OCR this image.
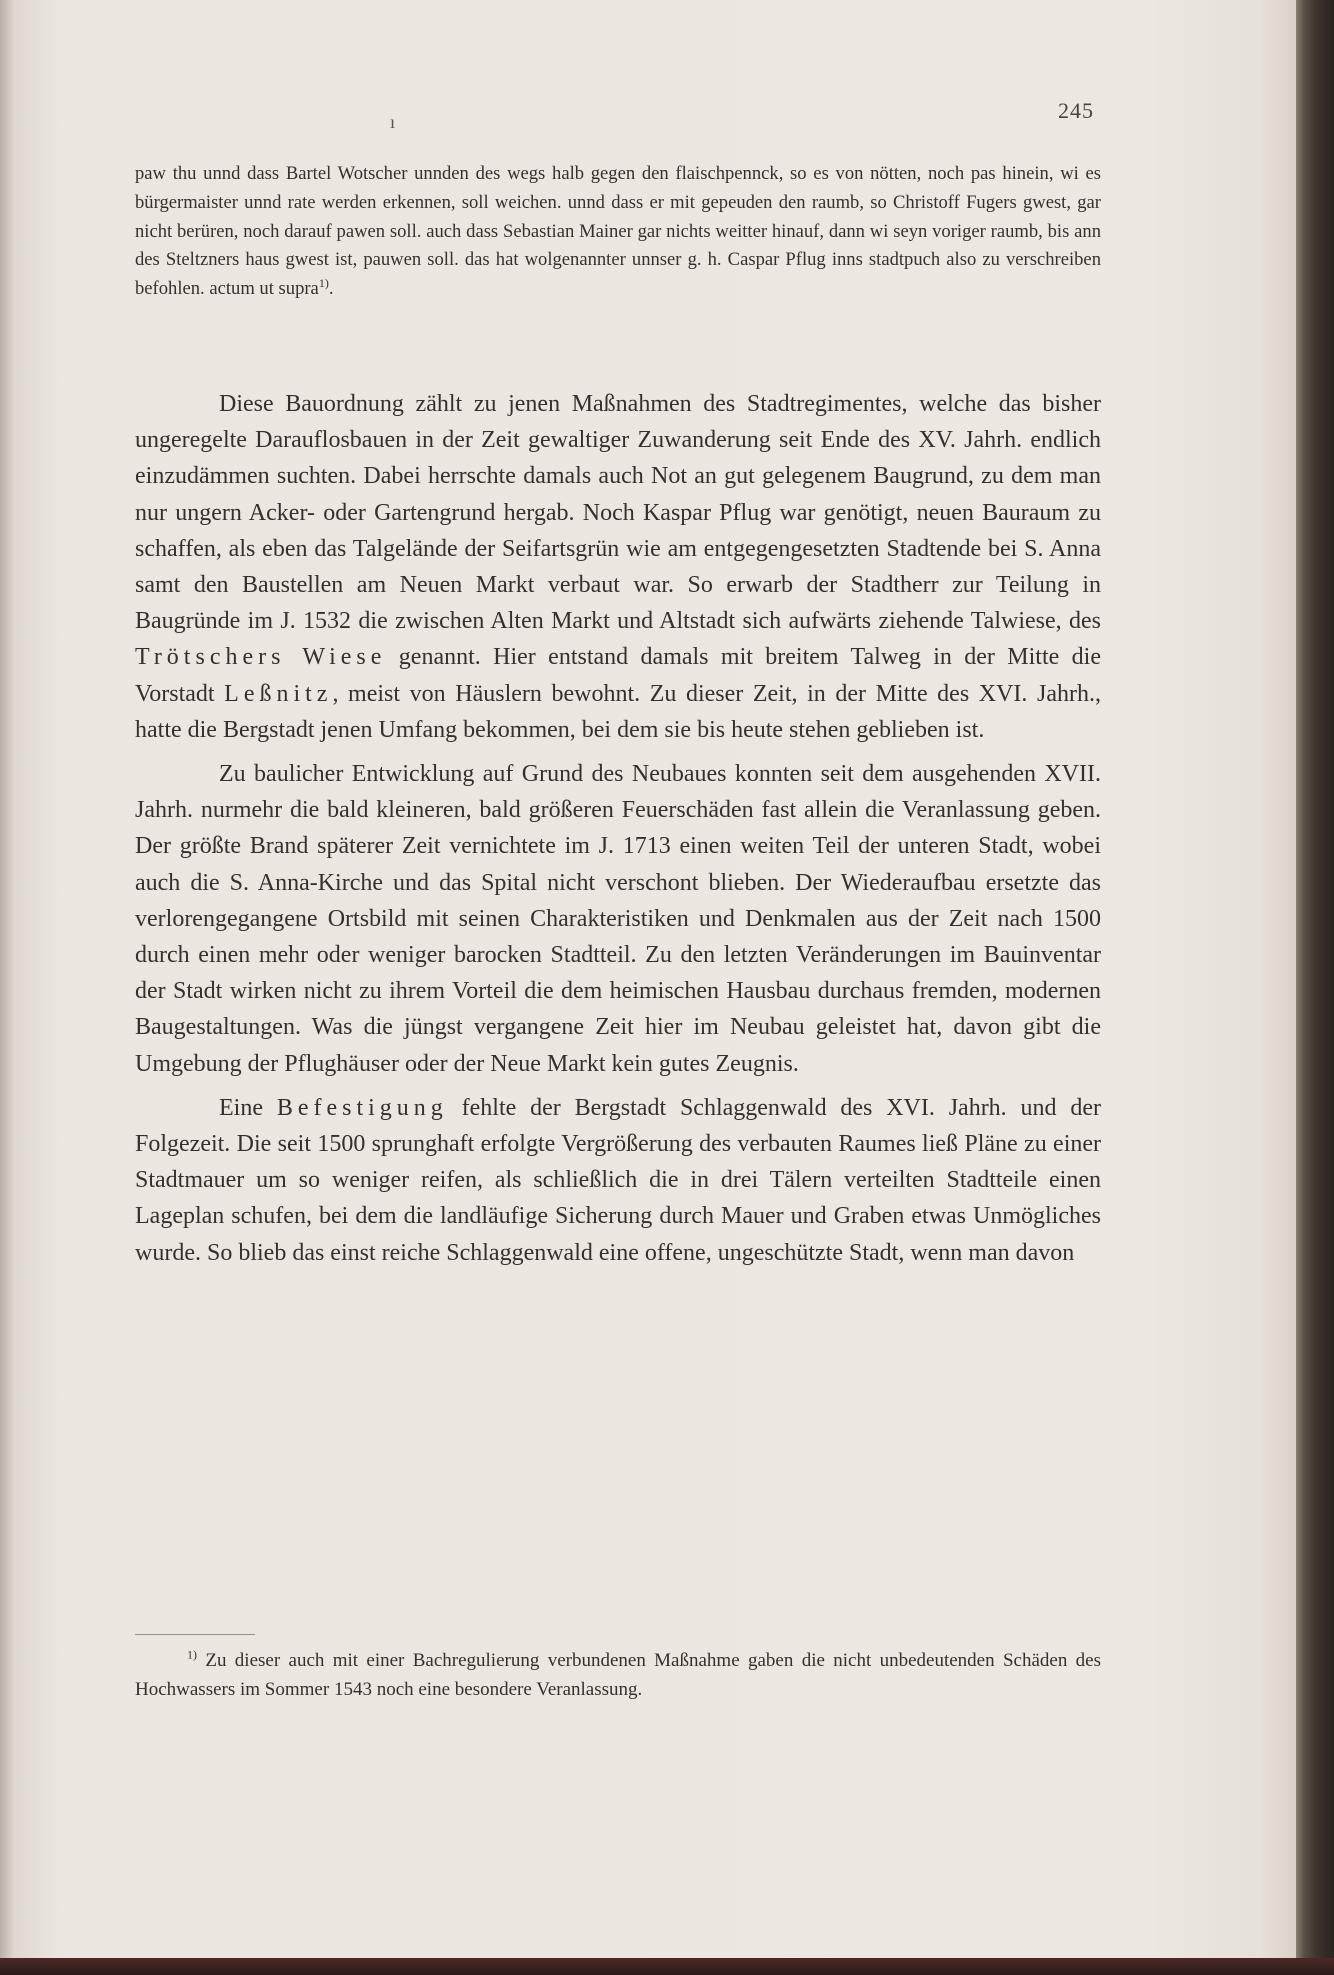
ı	245

paw thu unnd dass Bartel Wotscher unnden des wegs halb gegen den flaischpennck, so es von nötten, noch pas hinein, wi es bürgermaister unnd rate werden erkennen, soll weichen. unnd dass er mit gepeuden den raumb, so Christoff Fugers gwest, gar nicht berüren, noch darauf pawen soll. auch dass Sebastian Mainer gar nichts weitter hinauf, dann wi seyn voriger raumb, bis ann des Steltzners haus gwest ist, pauwen soll. das hat wolgenannter unnser g. h. Caspar Pflug inns stadtpuch also zu verschreiben befohlen. actum ut supra$^{1)}$.

Diese Bauordnung zählt zu jenen Maßnahmen des Stadtregimentes, welche das bisher ungeregelte Darauflosbauen in der Zeit gewaltiger Zuwanderung seit Ende des XV. Jahrh. endlich einzudämmen suchten. Dabei herrschte damals auch Not an gut gelegenem Baugrund, zu dem man nur ungern Acker- oder Gartengrund hergab. Noch Kaspar Pflug war genötigt, neuen Bauraum zu schaffen, als eben das Talgelände der Seifartsgrün wie am entgegengesetzten Stadtende bei S. Anna samt den Baustellen am Neuen Markt verbaut war. So erwarb der Stadtherr zur Teilung in Baugründe im J. 1532 die zwischen Alten Markt und Altstadt sich aufwärts ziehende Talwiese, des Trötschers Wiese genannt. Hier entstand damals mit breitem Talweg in der Mitte die Vorstadt Leßnitz, meist von Häuslern bewohnt. Zu dieser Zeit, in der Mitte des XVI. Jahrh., hatte die Bergstadt jenen Umfang bekommen, bei dem sie bis heute stehen geblieben ist.

Zu baulicher Entwicklung auf Grund des Neubaues konnten seit dem ausgehenden XVII. Jahrh. nurmehr die bald kleineren, bald größeren Feuerschäden fast allein die Veranlassung geben. Der größte Brand späterer Zeit vernichtete im J. 1713 einen weiten Teil der unteren Stadt, wobei auch die S. Anna-Kirche und das Spital nicht verschont blieben. Der Wiederaufbau ersetzte das verlorengegangene Ortsbild mit seinen Charakteristiken und Denkmalen aus der Zeit nach 1500 durch einen mehr oder weniger barocken Stadtteil. Zu den letzten Veränderungen im Bauinventar der Stadt wirken nicht zu ihrem Vorteil die dem heimischen Hausbau durchaus fremden, modernen Baugestaltungen. Was die jüngst vergangene Zeit hier im Neubau geleistet hat, davon gibt die Umgebung der Pflughäuser oder der Neue Markt kein gutes Zeugnis.

Eine Befestigung fehlte der Bergstadt Schlaggenwald des XVI. Jahrh. und der Folgezeit. Die seit 1500 sprunghaft erfolgte Vergrößerung des verbauten Raumes ließ Pläne zu einer Stadtmauer um so weniger reifen, als schließlich die in drei Tälern verteilten Stadtteile einen Lageplan schufen, bei dem die landläufige Sicherung durch Mauer und Graben etwas Unmögliches wurde. So blieb das einst reiche Schlaggenwald eine offene, ungeschützte Stadt, wenn man davon

$^{1)}$ Zu dieser auch mit einer Bachregulierung verbundenen Maßnahme gaben die nicht unbedeutenden Schäden des Hochwassers im Sommer 1543 noch eine besondere Veranlassung.
